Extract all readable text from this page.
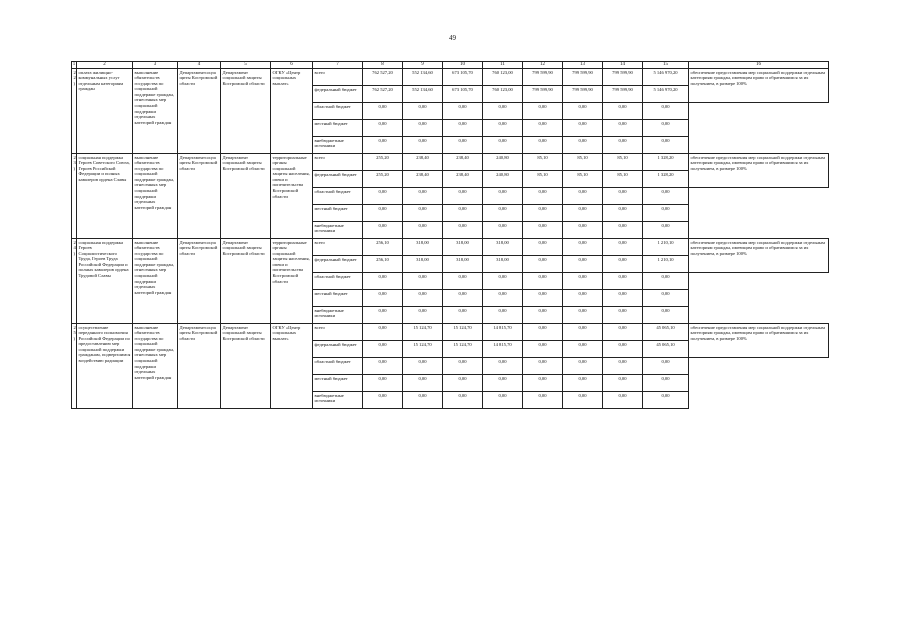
49
1	2	3	4	5	6	7	8	9	10	11	12	13	14	15	16
22)	оплата жилищно-коммунальных услуг отдельным категориям граждан	выполнение обязательств государства по социальной поддержке граждан, отнесенных мер социальной поддержки отдельных категорий граждан	Департаментсоцзащиты Костромской области	Департамент социальной защиты Костромской области	ОГКУ «Центр социальных выплат»	всего	762 527,20	552 134,60	673 105,70	760 123,00	799 599,90	799 599,90	799 599,90	5 146 970,20	обеспечение предоставления мер социальной поддержки отдельным категориям граждан, имеющим право и обратившимся за их получением, в размере 100%
						федеральный бюджет	762 527,20	552 134,60	673 105,70	760 123,00	799 599,90	799 599,90	799 599,90	5 146 970,20	
						областной бюджет	0,00	0,00	0,00	0,00	0,00	0,00	0,00	0,00	
						местный бюджет	0,00	0,00	0,00	0,00	0,00	0,00	0,00	0,00	
						внебюджетные источники	0,00	0,00	0,00	0,00	0,00	0,00	0,00	0,00	
23)	социальная поддержка Героев Советского Союза, Героев Российской Федерации и полных кавалеров ордена Славы	выполнение обязательств государства по социальной поддержке граждан, отнесенных мер социальной поддержки отдельных категорий граждан	Департаментсоцзащиты Костромской области	Департамент социальной защиты Костромской области	территориальные органы социальной защиты населения, опеки и попечительства Костромской области	всего	255,20	238,40	238,40	240,80	85,10	85,10	85,10	1 328,20	обеспечение предоставления мер социальной поддержки отдельным категориям граждан, имеющим право и обратившимся за их получением, в размере 100%
						федеральный бюджет	255,20	238,40	238,40	240,80	85,10	85,10	85,10	1 328,20	
						областной бюджет	0,00	0,00	0,00	0,00	0,00	0,00	0,00	0,00	
						местный бюджет	0,00	0,00	0,00	0,00	0,00	0,00	0,00	0,00	
						внебюджетные источники	0,00	0,00	0,00	0,00	0,00	0,00	0,00	0,00	
24)	социальная поддержка Героев Социалистического Труда, Героев Труда Российской Федерации и полных кавалеров ордена Трудовой Славы	выполнение обязательств государства по социальной поддержке граждан, отнесенных мер социальной поддержки отдельных категорий граждан	Департаментсоцзащиты Костромской области	Департамент социальной защиты Костромской области	территориальные органы социальной защиты населения, опеки и попечительства Костромской области	всего	256,10	318,00	318,00	318,00	0,00	0,00	0,00	1 210,10	обеспечение предоставления мер социальной поддержки отдельным категориям граждан, имеющим право и обратившимся за их получением, в размере 100%
						федеральный бюджет	256,10	318,00	318,00	318,00	0,00	0,00	0,00	1 210,10	
						областной бюджет	0,00	0,00	0,00	0,00	0,00	0,00	0,00	0,00	
						местный бюджет	0,00	0,00	0,00	0,00	0,00	0,00	0,00	0,00	
						внебюджетные источники	0,00	0,00	0,00	0,00	0,00	0,00	0,00	0,00	
25)	осуществление переданного полномочия Российской Федерации по предоставлению мер социальной поддержки гражданам, подвергшимся воздействию радиации	выполнение обязательств государства по социальной поддержке граждан, отнесенных мер социальной поддержки отдельных категорий граждан	Департаментсоцзащиты Костромской области	Департамент социальной защиты Костромской области	ОГКУ «Центр социальных выплат»	всего	0,00	15 124,70	15 124,70	14 815,70	0,00	0,00	0,00	45 065,10	обеспечение предоставления мер социальной поддержки отдельным категориям граждан, имеющим право и обратившимся за их получением, в размере 100%
						федеральный бюджет	0,00	15 124,70	15 124,70	14 815,70	0,00	0,00	0,00	45 065,10	
						областной бюджет	0,00	0,00	0,00	0,00	0,00	0,00	0,00	0,00	
						местный бюджет	0,00	0,00	0,00	0,00	0,00	0,00	0,00	0,00	
						внебюджетные источники	0,00	0,00	0,00	0,00	0,00	0,00	0,00	0,00	
